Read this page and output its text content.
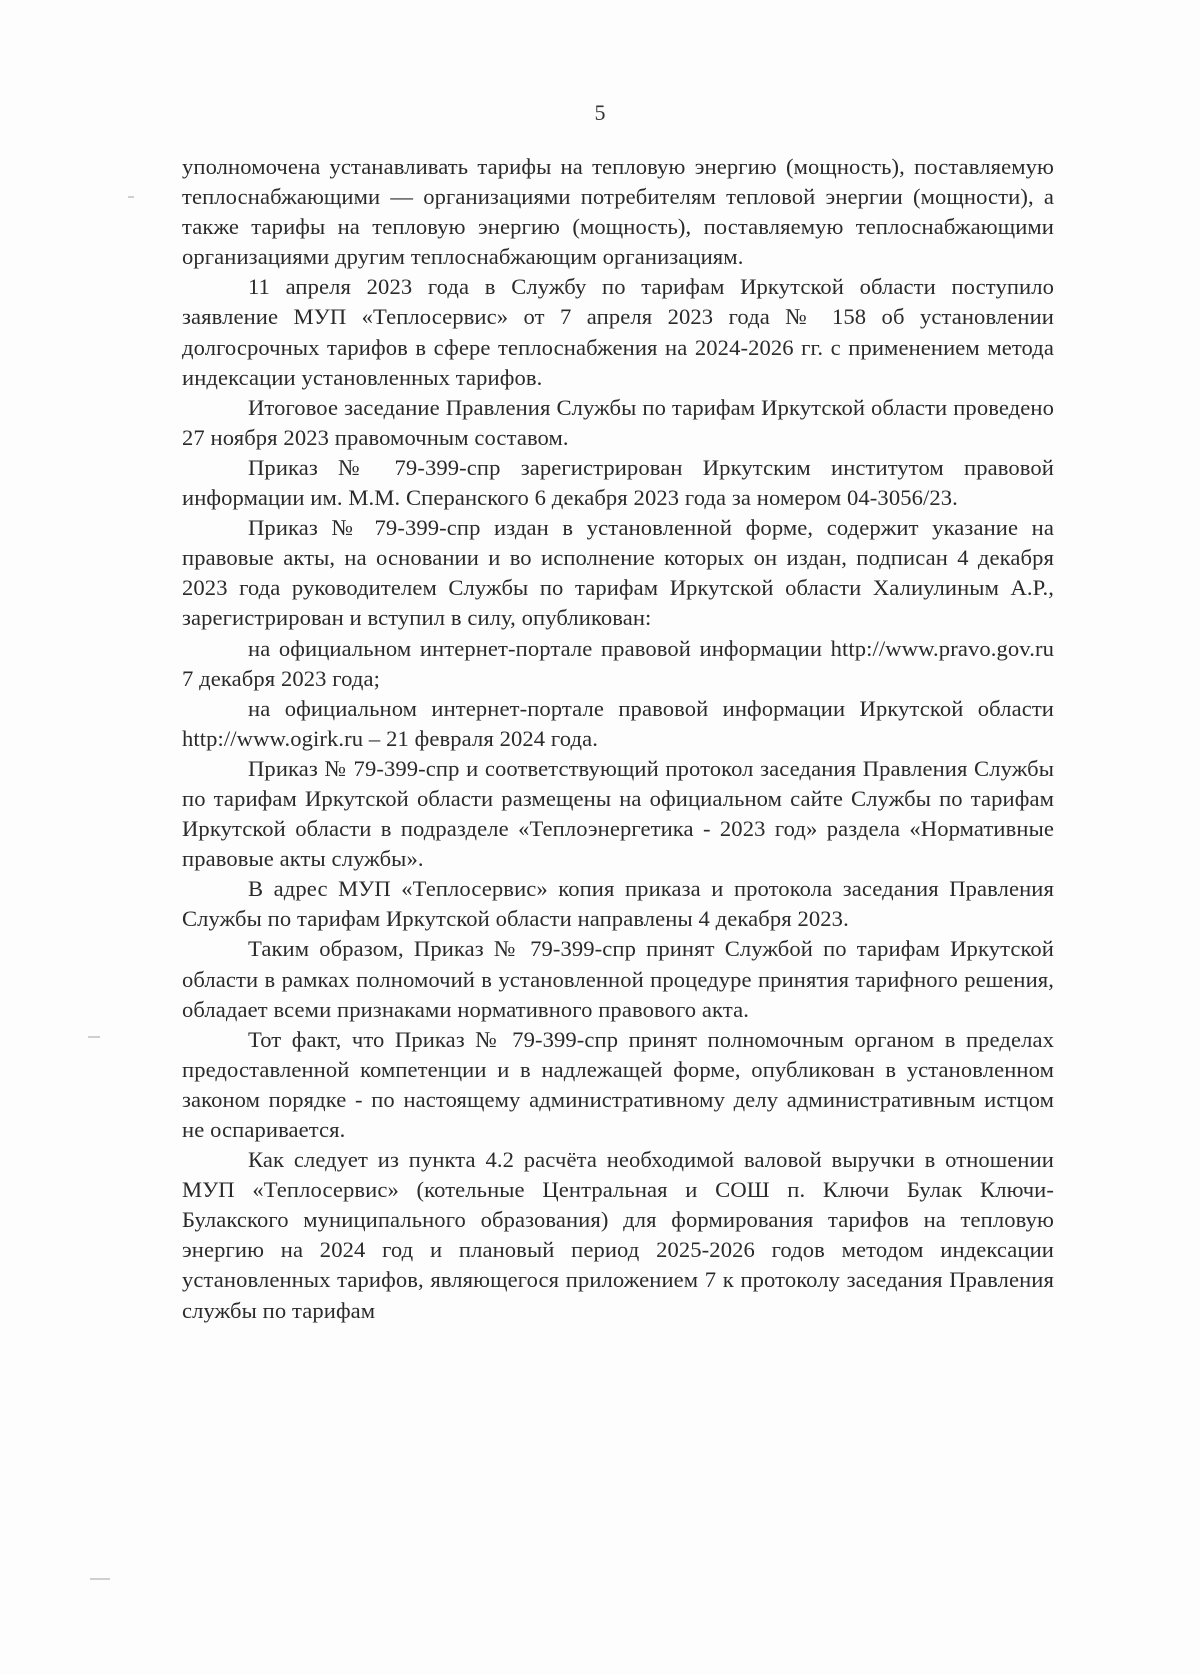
5

уполномочена устанавливать тарифы на тепловую энергию (мощность), поставляемую теплоснабжающими — организациями потребителям тепловой энергии (мощности), а также тарифы на тепловую энергию (мощность), поставляемую теплоснабжающими организациями другим теплоснабжающим организациям.

11 апреля 2023 года в Службу по тарифам Иркутской области поступило заявление МУП «Теплосервис» от 7 апреля 2023 года № 158 об установлении долгосрочных тарифов в сфере теплоснабжения на 2024-2026 гг. с применением метода индексации установленных тарифов.

Итоговое заседание Правления Службы по тарифам Иркутской области проведено 27 ноября 2023 правомочным составом.

Приказ № 79-399-спр зарегистрирован Иркутским институтом правовой информации им. М.М. Сперанского 6 декабря 2023 года за номером 04-3056/23.

Приказ № 79-399-спр издан в установленной форме, содержит указание на правовые акты, на основании и во исполнение которых он издан, подписан 4 декабря 2023 года руководителем Службы по тарифам Иркутской области Халиулиным А.Р., зарегистрирован и вступил в силу, опубликован:

на официальном интернет-портале правовой информации http://www.pravo.gov.ru 7 декабря 2023 года;

на официальном интернет-портале правовой информации Иркутской области http://www.ogirk.ru – 21 февраля 2024 года.

Приказ № 79-399-спр и соответствующий протокол заседания Правления Службы по тарифам Иркутской области размещены на официальном сайте Службы по тарифам Иркутской области в подразделе «Теплоэнергетика - 2023 год» раздела «Нормативные правовые акты службы».

В адрес МУП «Теплосервис» копия приказа и протокола заседания Правления Службы по тарифам Иркутской области направлены 4 декабря 2023.

Таким образом, Приказ № 79-399-спр принят Службой по тарифам Иркутской области в рамках полномочий в установленной процедуре принятия тарифного решения, обладает всеми признаками нормативного правового акта.

Тот факт, что Приказ № 79-399-спр принят полномочным органом в пределах предоставленной компетенции и в надлежащей форме, опубликован в установленном законом порядке - по настоящему административному делу административным истцом не оспаривается.

Как следует из пункта 4.2 расчёта необходимой валовой выручки в отношении МУП «Теплосервис» (котельные Центральная и СОШ п. Ключи Булак Ключи- Булакского муниципального образования) для формирования тарифов на тепловую энергию на 2024 год и плановый период 2025-2026 годов методом индексации установленных тарифов, являющегося приложением 7 к протоколу заседания Правления службы по тарифам
